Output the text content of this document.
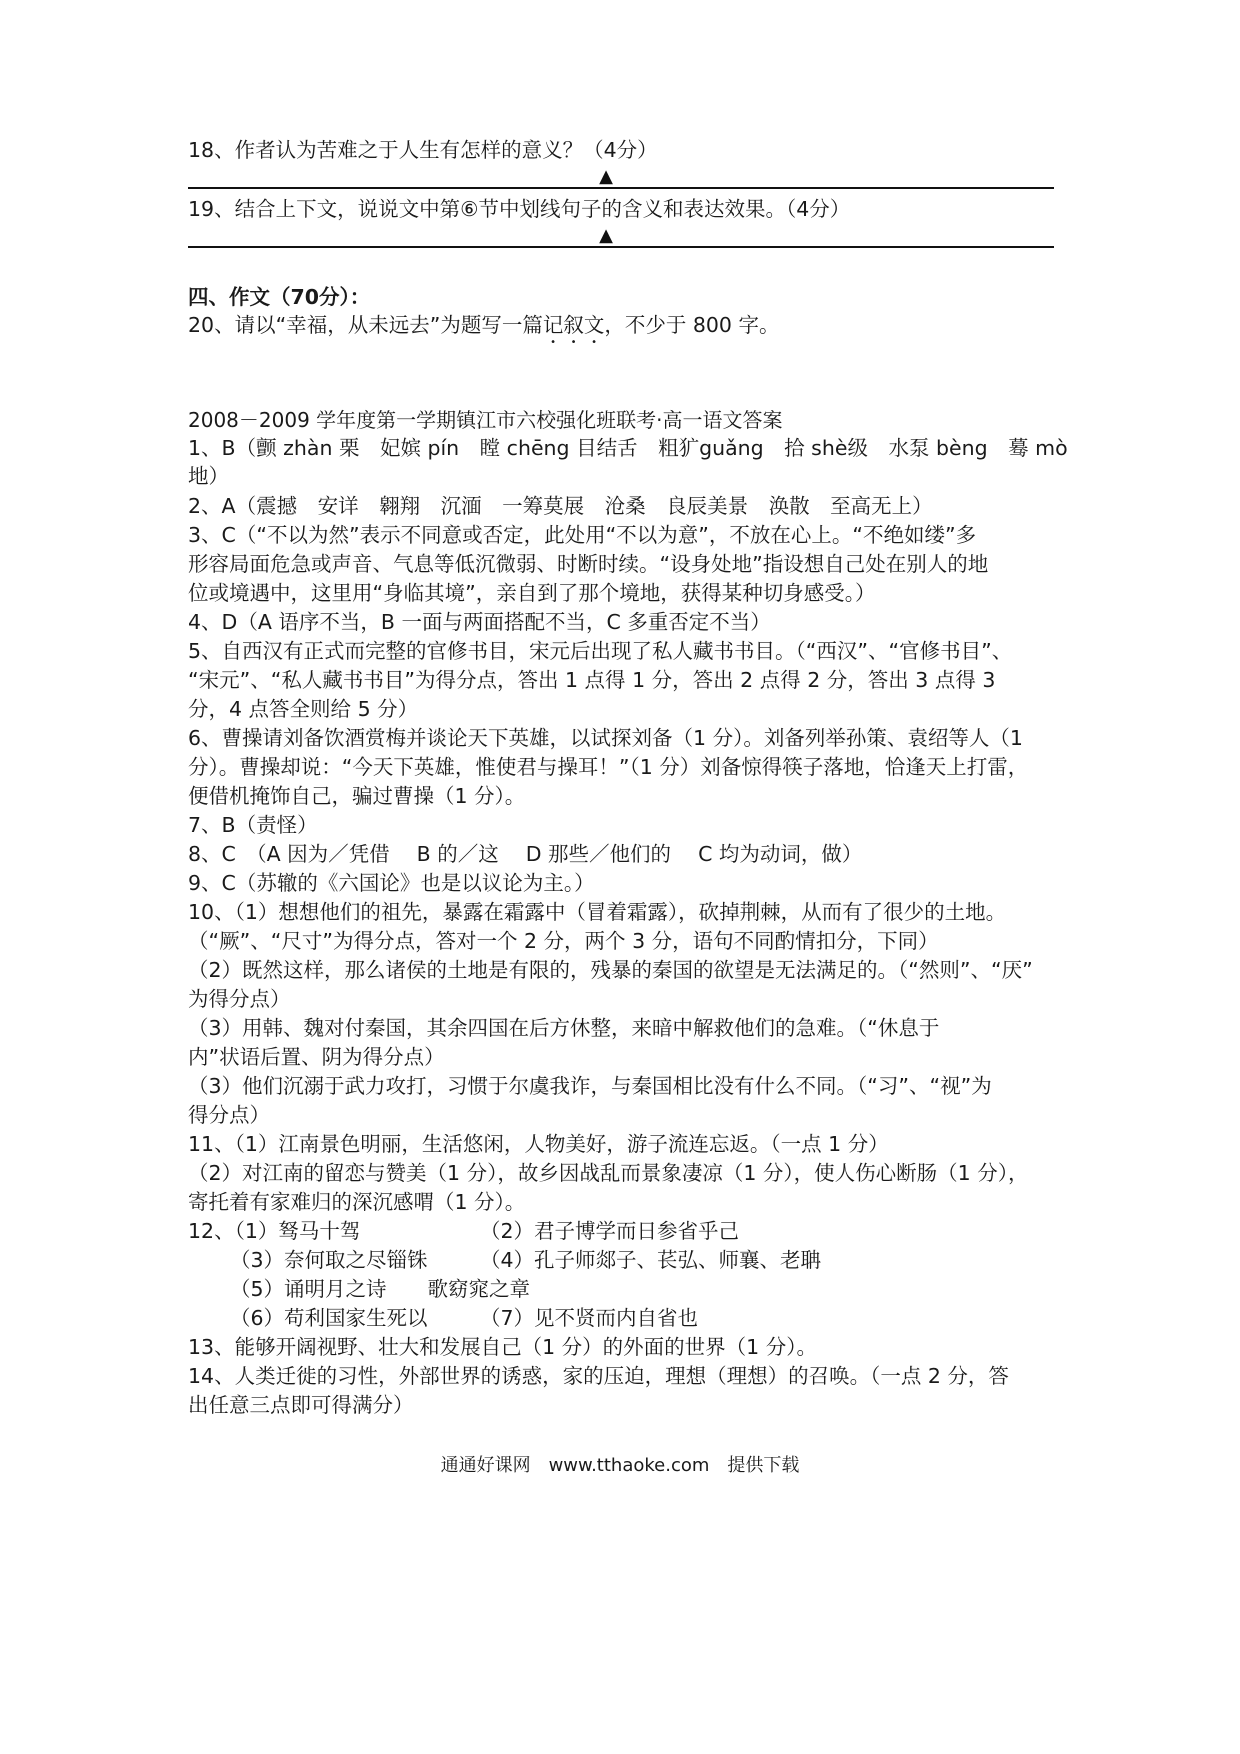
18、作者认为苦难之于人生有怎样的意义？（4分）
▲
19、结合上下文，说说文中第⑥节中划线句子的含义和表达效果。（4分）
▲
四、作文（70分）：
20、请以“幸福，从未远去”为题写一篇记叙文，不少于 800 字。
2008－2009 学年度第一学期镇江市六校强化班联考·高一语文答案
1、B（颤 zhàn 栗　妃嫔 pín　瞠 chēng 目结舌　粗犷guǎng　拾 shè级　水泵 bèng　蓦 mò
地）
2、A（震撼　安详　翱翔　沉湎　一筹莫展　沧桑　良辰美景　涣散　至高无上）
3、C（“不以为然”表示不同意或否定，此处用“不以为意”，不放在心上。“不绝如缕”多
形容局面危急或声音、气息等低沉微弱、时断时续。“设身处地”指设想自己处在别人的地
位或境遇中，这里用“身临其境”，亲自到了那个境地，获得某种切身感受。）
4、D（A 语序不当，B 一面与两面搭配不当，C 多重否定不当）
5、自西汉有正式而完整的官修书目，宋元后出现了私人藏书书目。（“西汉”、“官修书目”、
“宋元”、“私人藏书书目”为得分点，答出 1 点得 1 分，答出 2 点得 2 分，答出 3 点得 3
分，4 点答全则给 5 分）
6、曹操请刘备饮酒赏梅并谈论天下英雄，以试探刘备（1 分）。刘备列举孙策、袁绍等人（1
分）。曹操却说：“今天下英雄，惟使君与操耳！”（1 分）刘备惊得筷子落地，恰逢天上打雷，
便借机掩饰自己，骗过曹操（1 分）。
7、B（责怪）
8、C　（A 因为／凭借　 B 的／这　 D 那些／他们的　 C 均为动词，做）
9、C（苏辙的《六国论》也是以议论为主。）
10、（1）想想他们的祖先，暴露在霜露中（冒着霜露），砍掉荆棘，从而有了很少的土地。
（“厥”、“尺寸”为得分点，答对一个 2 分，两个 3 分，语句不同酌情扣分，下同）
（2）既然这样，那么诸侯的土地是有限的，残暴的秦国的欲望是无法满足的。（“然则”、“厌”
为得分点）
（3）用韩、魏对付秦国，其余四国在后方休整，来暗中解救他们的急难。（“休息于
内”状语后置、阴为得分点）
（3）他们沉溺于武力攻打，习惯于尔虞我诈，与秦国相比没有什么不同。（“习”、“视”为
得分点）
11、（1）江南景色明丽，生活悠闲，人物美好，游子流连忘返。（一点 1 分）
（2）对江南的留恋与赞美（1 分），故乡因战乱而景象凄凉（1 分），使人伤心断肠（1 分），
寄托着有家难归的深沉感喟（1 分）。
12、（1）驽马十驾	（2）君子博学而日参省乎己
（3）奈何取之尽锱铢	（4）孔子师郯子、苌弘、师襄、老聃
（5）诵明月之诗　　歌窈窕之章
（6）苟利国家生死以	（7）见不贤而内自省也
13、能够开阔视野、壮大和发展自己（1 分）的外面的世界（1 分）。
14、人类迁徙的习性，外部世界的诱惑，家的压迫，理想（理想）的召唤。（一点 2 分，答
出任意三点即可得满分）
通通好课网　www.tthaoke.com　提供下载
